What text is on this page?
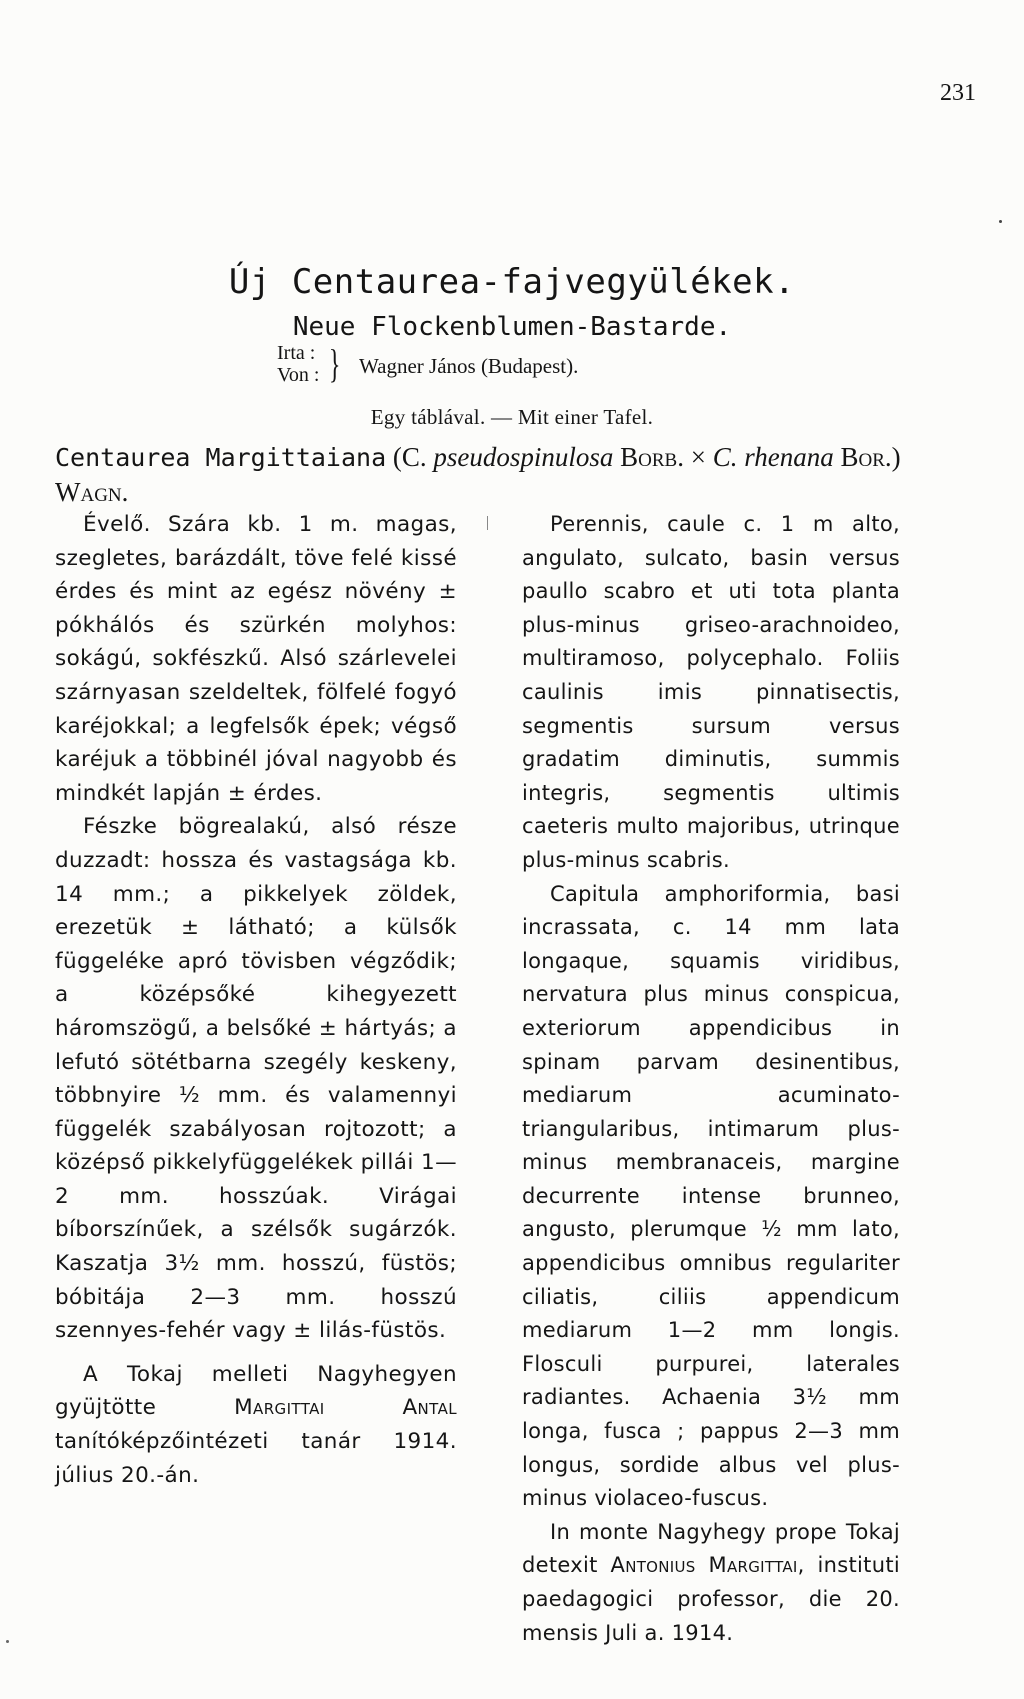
231
Új Centaurea-fajvegyülékek.
Neue Flockenblumen-Bastarde.
Irta :
Von : } Wagner János (Budapest).
Egy táblával. — Mit einer Tafel.
Centaurea Margittaiana (C. pseudospinulosa Borb. × C. rhenana Bor.) Wagn.

Évelő. Szára kb. 1 m. magas, szegletes, barázdált, töve felé kissé érdes és mint az egész növény ± pókhálós és szürkén molyhos: sokágú, sokfészkű. Alsó szárlevelei szárnyasan szeldeltek, fölfelé fogyó karéjokkal; a legfelsők épek; végső karéjuk a többinél jóval nagyobb és mindkét lapján ± érdes.

Fészke bögrealakú, alsó része duzzadt: hossza és vastagsága kb. 14 mm.; a pikkelyek zöldek, erezetük ± látható; a külsők függeléke apró tövisben végződik; a középsőké kihegyezett háromszögű, a belsőké ± hártyás; a lefutó sötétbarna szegély keskeny, többnyire ½ mm. és valamennyi függelék szabályosan rojtozott; a középső pikkelyfüggelékek pillái 1—2 mm. hosszúak. Virágai bíborszínűek, a szélsők sugárzók. Kaszatja 3½ mm. hosszú, füstös; bóbitája 2—3 mm. hosszú szennyes-fehér vagy ± lilás-füstös.

A Tokaj melleti Nagyhegyen gyüjtötte Margittai Antal tanítóképzőintézeti tanár 1914. július 20.-án.

Perennis, caule c. 1 m alto, angulato, sulcato, basin versus paullo scabro et uti tota planta plus-minus griseo-arachnoideo, multiramoso, polycephalo. Foliis caulinis imis pinnatisectis, segmentis sursum versus gradatim diminutis, summis integris, segmentis ultimis caeteris multo majoribus, utrinque plus-minus scabris.

Capitula amphoriformia, basi incrassata, c. 14 mm lata longaque, squamis viridibus, nervatura plus minus conspicua, exteriorum appendicibus in spinam parvam desinentibus, mediarum acuminato-triangularibus, intimarum plus-minus membranaceis, margine decurrente intense brunneo, angusto, plerumque ½ mm lato, appendicibus omnibus regulariter ciliatis, ciliis appendicum mediarum 1—2 mm longis. Flosculi purpurei, laterales radiantes. Achaenia 3½ mm longa, fusca ; pappus 2—3 mm longus, sordide albus vel plus-minus violaceo-fuscus.

In monte Nagyhegy prope Tokaj detexit Antonius Margittai, instituti paedagogici professor, die 20. mensis Juli a. 1914.
